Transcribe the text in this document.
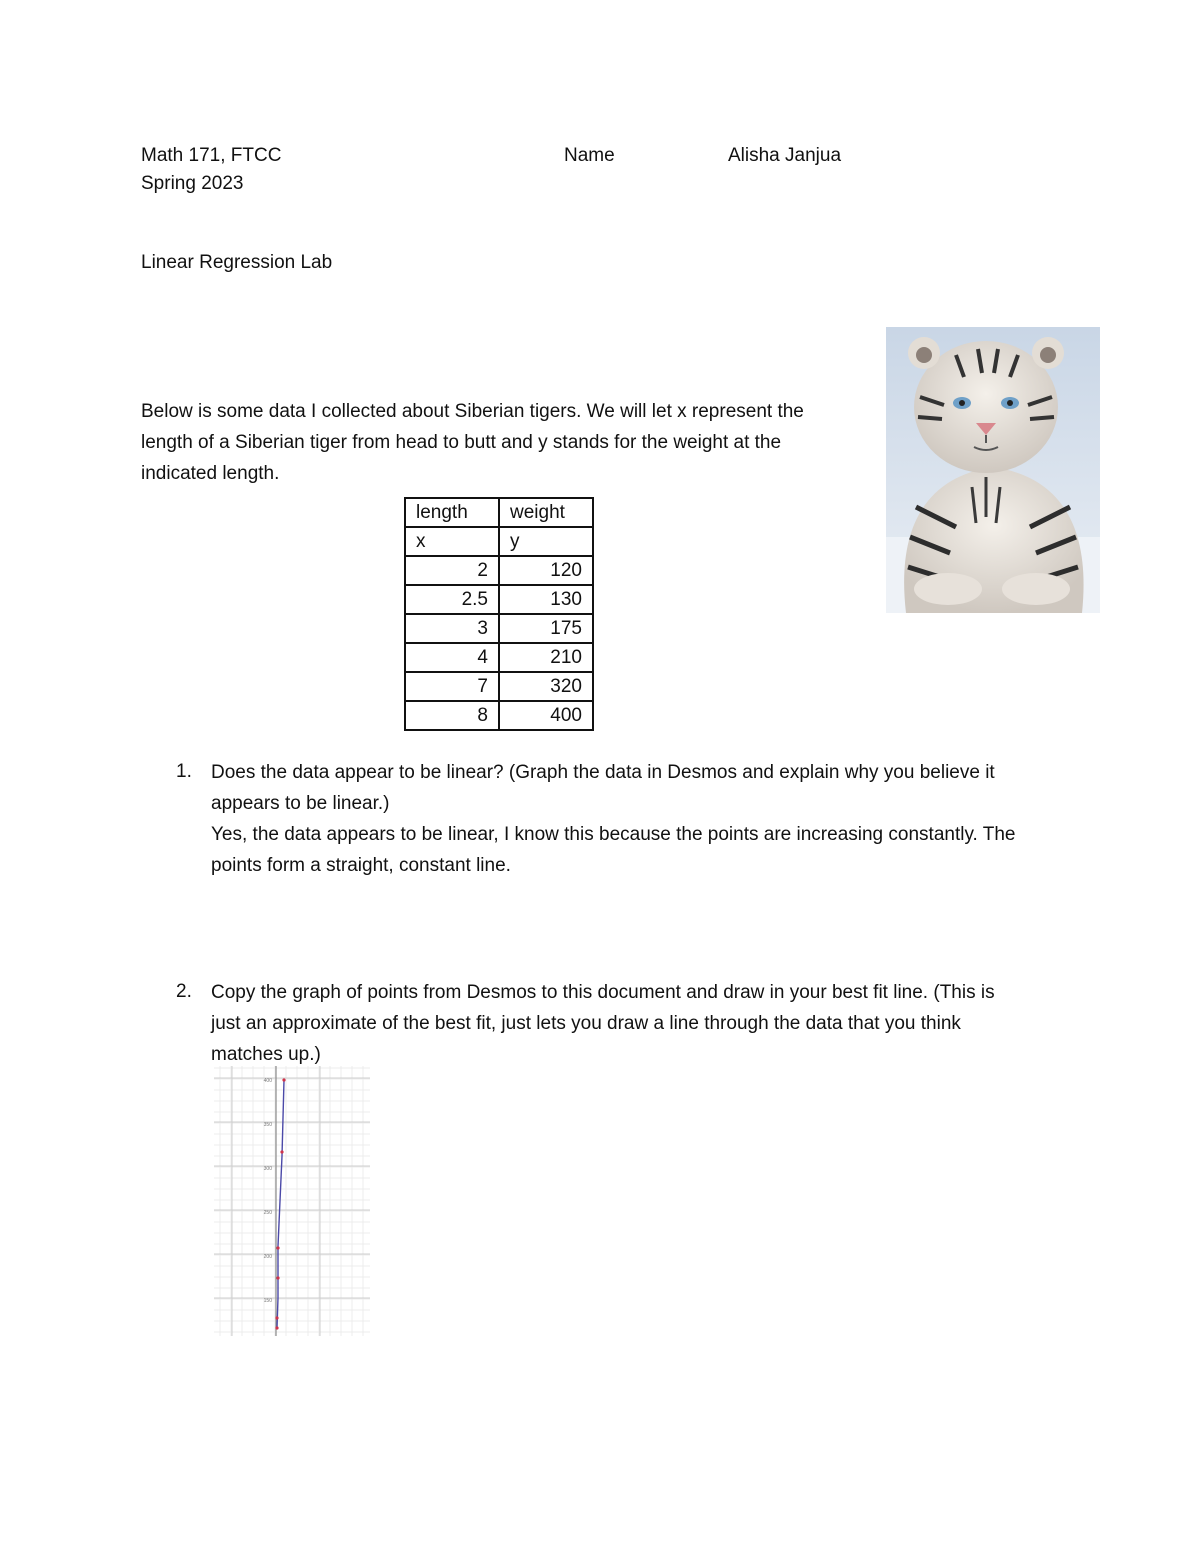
Math 171, FTCC
Spring 2023
Name	Alisha Janjua
Linear Regression Lab
Below is some data I collected about Siberian tigers. We will let x represent the
length of a Siberian tiger from head to butt and y stands for the weight at the
indicated length.
length	weight
x	y
2	120
2.5	130
3	175
4	210
7	320
8	400
1. Does the data appear to be linear? (Graph the data in Desmos and explain why you believe it
appears to be linear.)
Yes, the data appears to be linear, I know this because the points are increasing constantly. The
points form a straight, constant line.
2. Copy the graph of points from Desmos to this document and draw in your best fit line. (This is
just an approximate of the best fit, just lets you draw a line through the data that you think
matches up.)
400
350
300
250
200
150
